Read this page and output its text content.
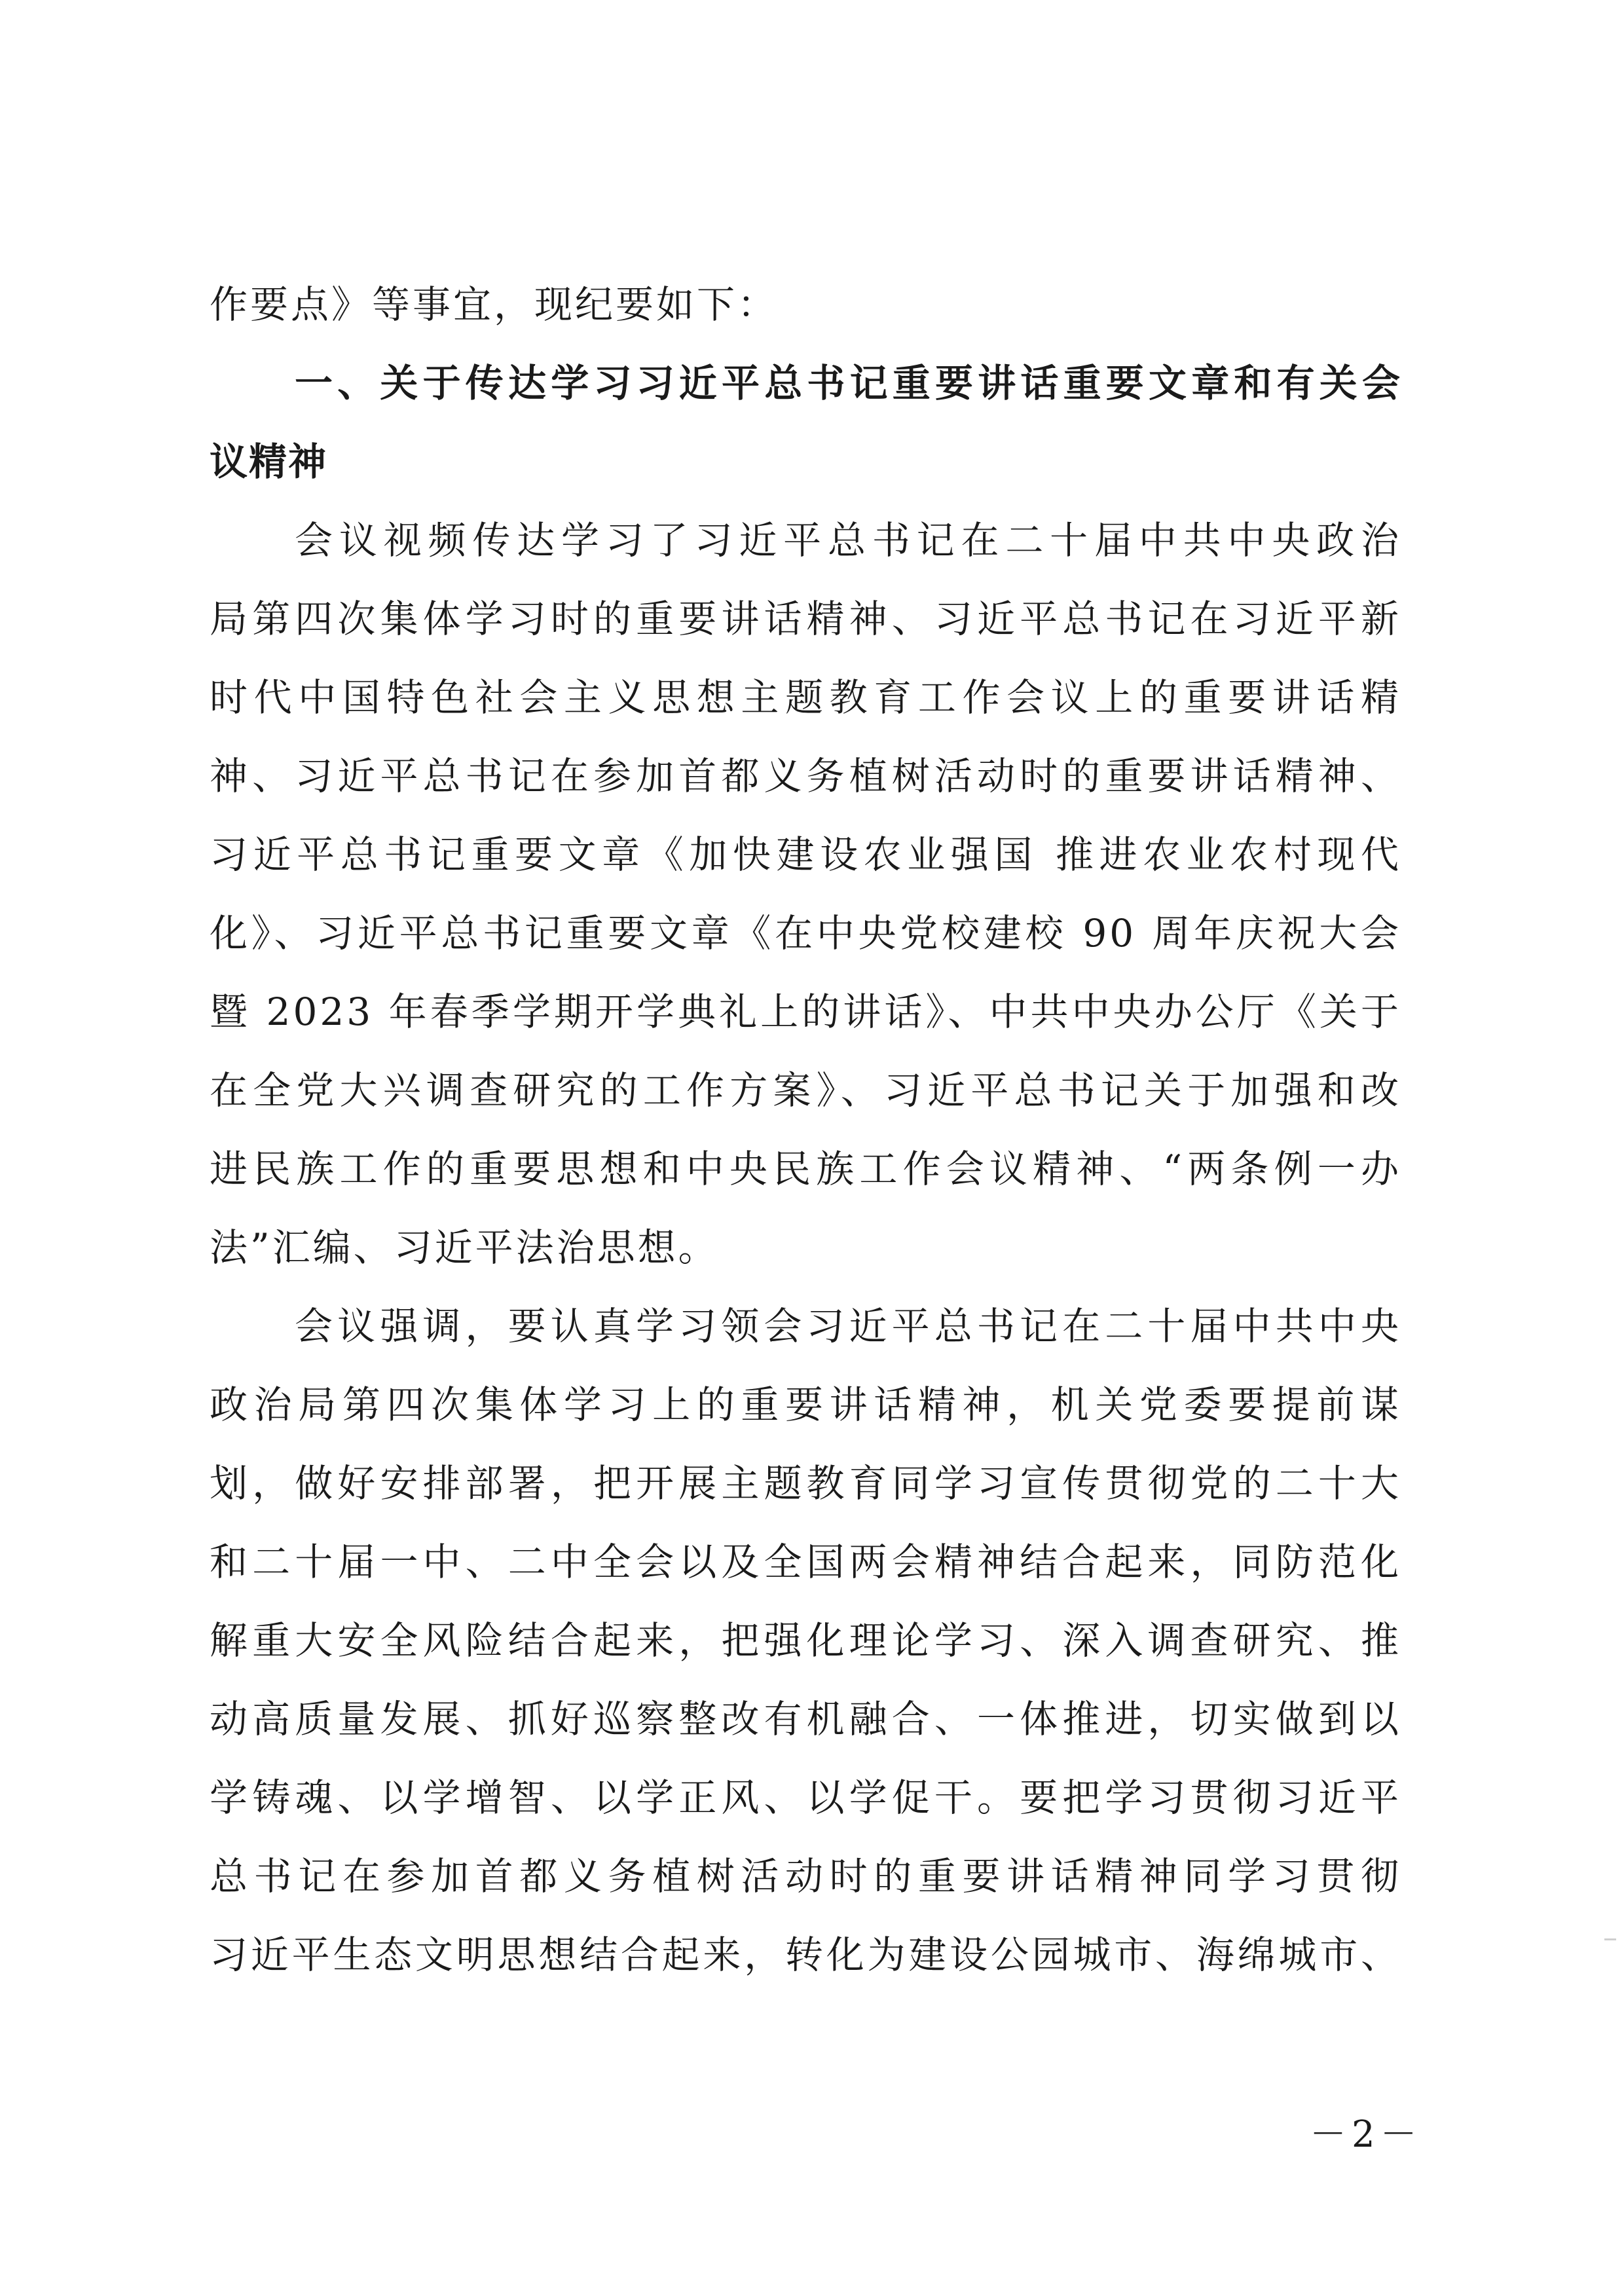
作要点》等事宜，现纪要如下：
一、关于传达学习习近平总书记重要讲话重要文章和有关会
议精神
会议视频传达学习了习近平总书记在二十届中共中央政治
局第四次集体学习时的重要讲话精神、习近平总书记在习近平新
时代中国特色社会主义思想主题教育工作会议上的重要讲话精
神、习近平总书记在参加首都义务植树活动时的重要讲话精神、
习近平总书记重要文章《加快建设农业强国 推进农业农村现代
化》、习近平总书记重要文章《在中央党校建校 90 周年庆祝大会
暨 2023 年春季学期开学典礼上的讲话》、中共中央办公厅《关于
在全党大兴调查研究的工作方案》、习近平总书记关于加强和改
进民族工作的重要思想和中央民族工作会议精神、“两条例一办
法”汇编、习近平法治思想。
会议强调，要认真学习领会习近平总书记在二十届中共中央
政治局第四次集体学习上的重要讲话精神，机关党委要提前谋
划，做好安排部署，把开展主题教育同学习宣传贯彻党的二十大
和二十届一中、二中全会以及全国两会精神结合起来，同防范化
解重大安全风险结合起来，把强化理论学习、深入调查研究、推
动高质量发展、抓好巡察整改有机融合、一体推进，切实做到以
学铸魂、以学增智、以学正风、以学促干。要把学习贯彻习近平
总书记在参加首都义务植树活动时的重要讲话精神同学习贯彻
习近平生态文明思想结合起来，转化为建设公园城市、海绵城市、
－2－
